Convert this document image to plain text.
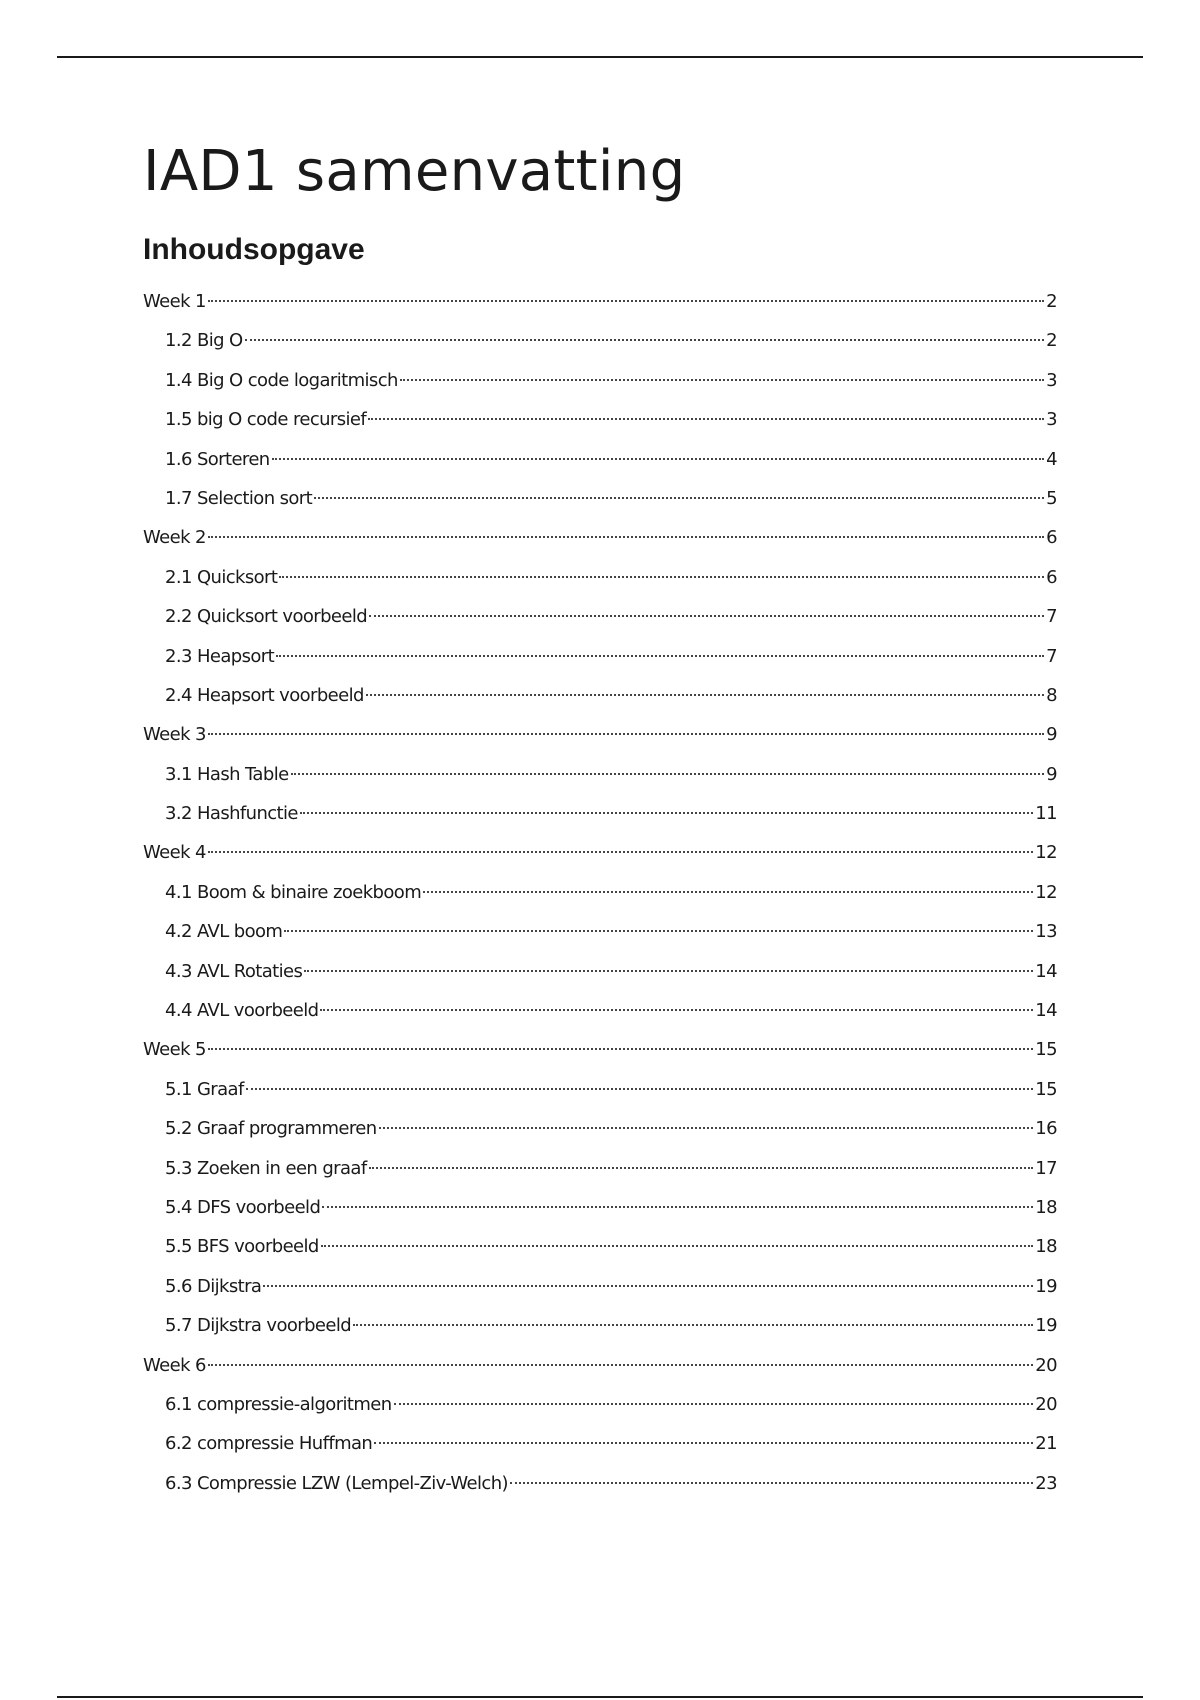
IAD1 samenvatting
Inhoudsopgave
Week 1	2
1.2 Big O	2
1.4 Big O code logaritmisch	3
1.5 big O code recursief	3
1.6 Sorteren	4
1.7 Selection sort	5
Week 2	6
2.1 Quicksort	6
2.2 Quicksort voorbeeld	7
2.3 Heapsort	7
2.4 Heapsort voorbeeld	8
Week 3	9
3.1 Hash Table	9
3.2 Hashfunctie	11
Week 4	12
4.1 Boom & binaire zoekboom	12
4.2 AVL boom	13
4.3 AVL Rotaties	14
4.4 AVL voorbeeld	14
Week 5	15
5.1 Graaf	15
5.2 Graaf programmeren	16
5.3 Zoeken in een graaf	17
5.4 DFS voorbeeld	18
5.5 BFS voorbeeld	18
5.6 Dijkstra	19
5.7 Dijkstra voorbeeld	19
Week 6	20
6.1 compressie-algoritmen	20
6.2 compressie Huffman	21
6.3 Compressie LZW (Lempel-Ziv-Welch)	23
